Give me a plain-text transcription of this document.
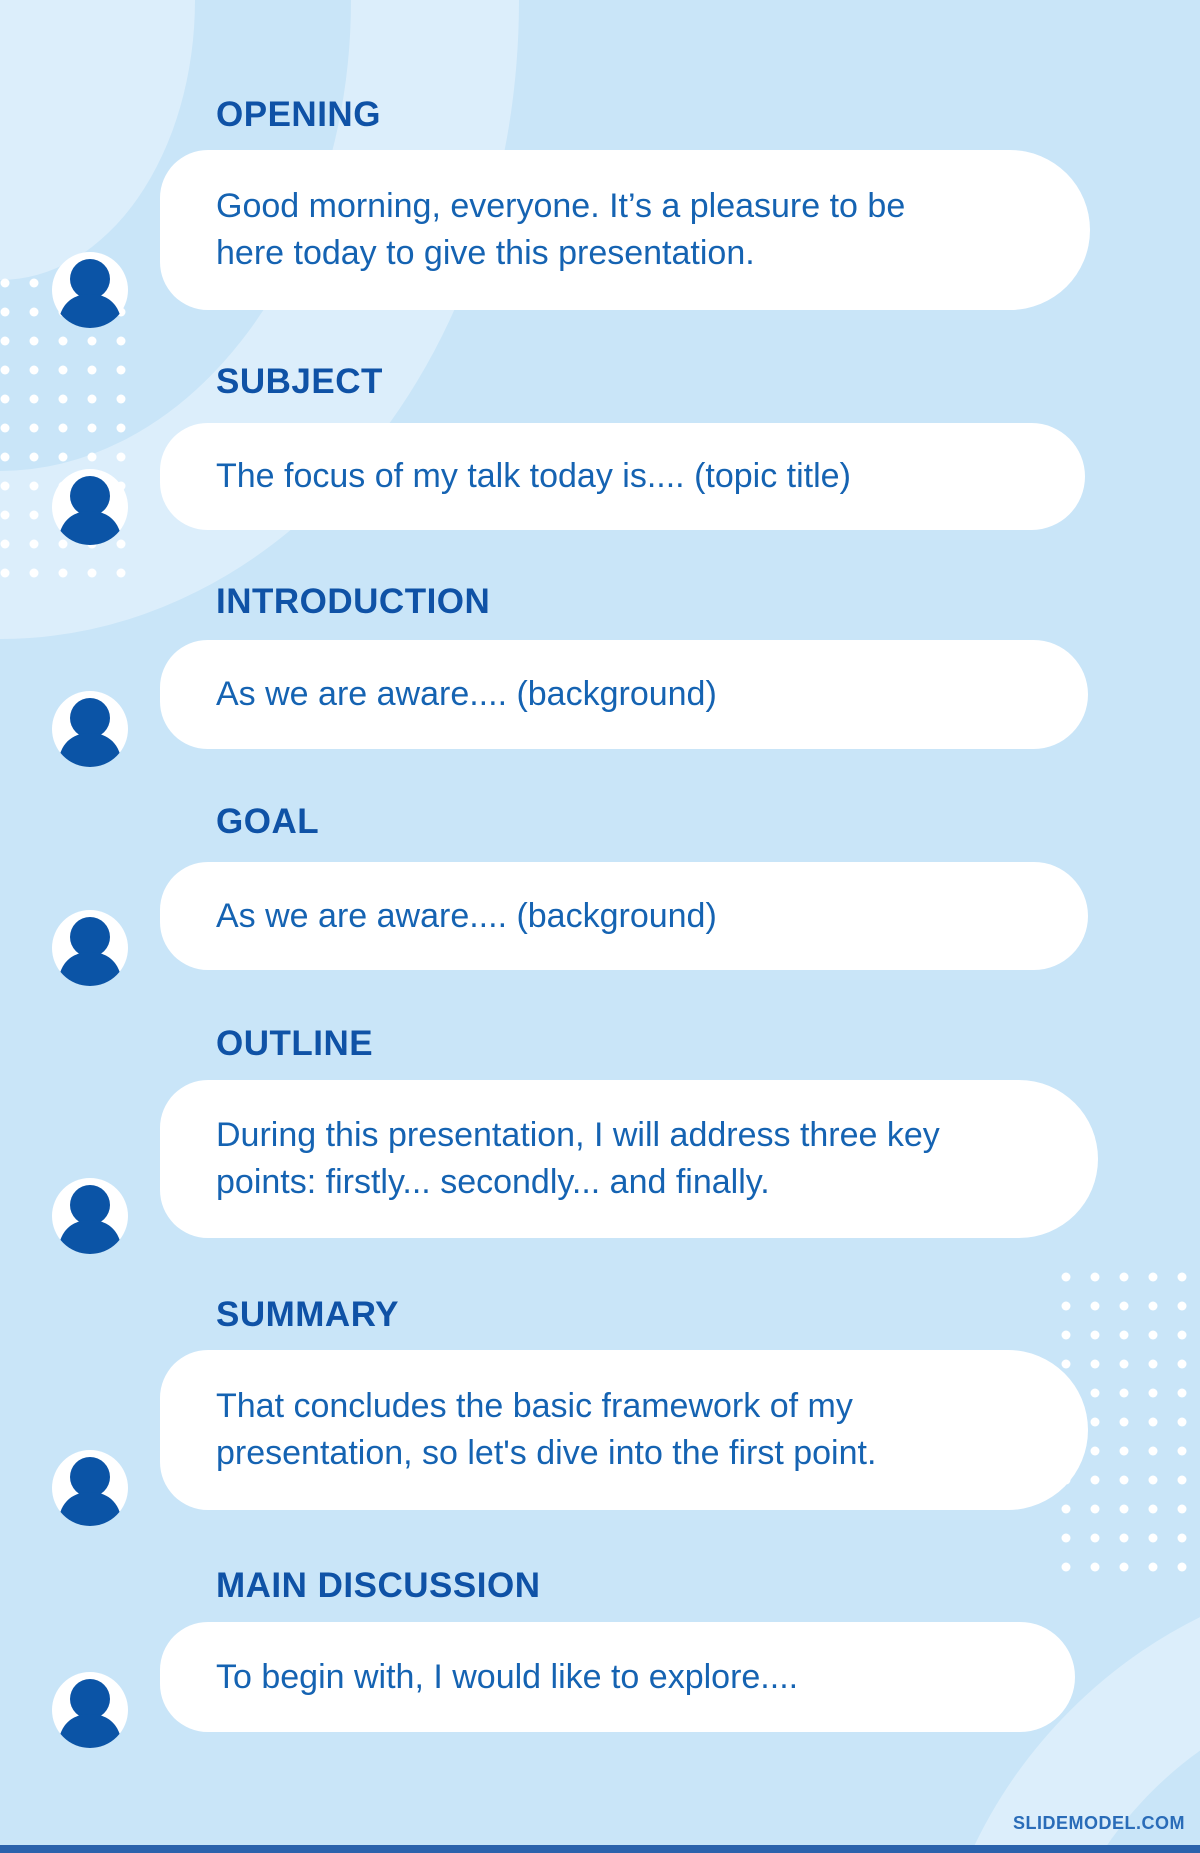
OPENING
Good morning, everyone. It’s a pleasure to be
here today to give this presentation.
SUBJECT
The focus of my talk today is.... (topic title)
INTRODUCTION
As we are aware.... (background)
GOAL
As we are aware.... (background)
OUTLINE
During this presentation, I will address three key
points: firstly... secondly... and finally.
SUMMARY
That concludes the basic framework of my
presentation, so let's dive into the first point.
MAIN DISCUSSION
To begin with, I would like to explore....
SLIDEMODEL.COM
